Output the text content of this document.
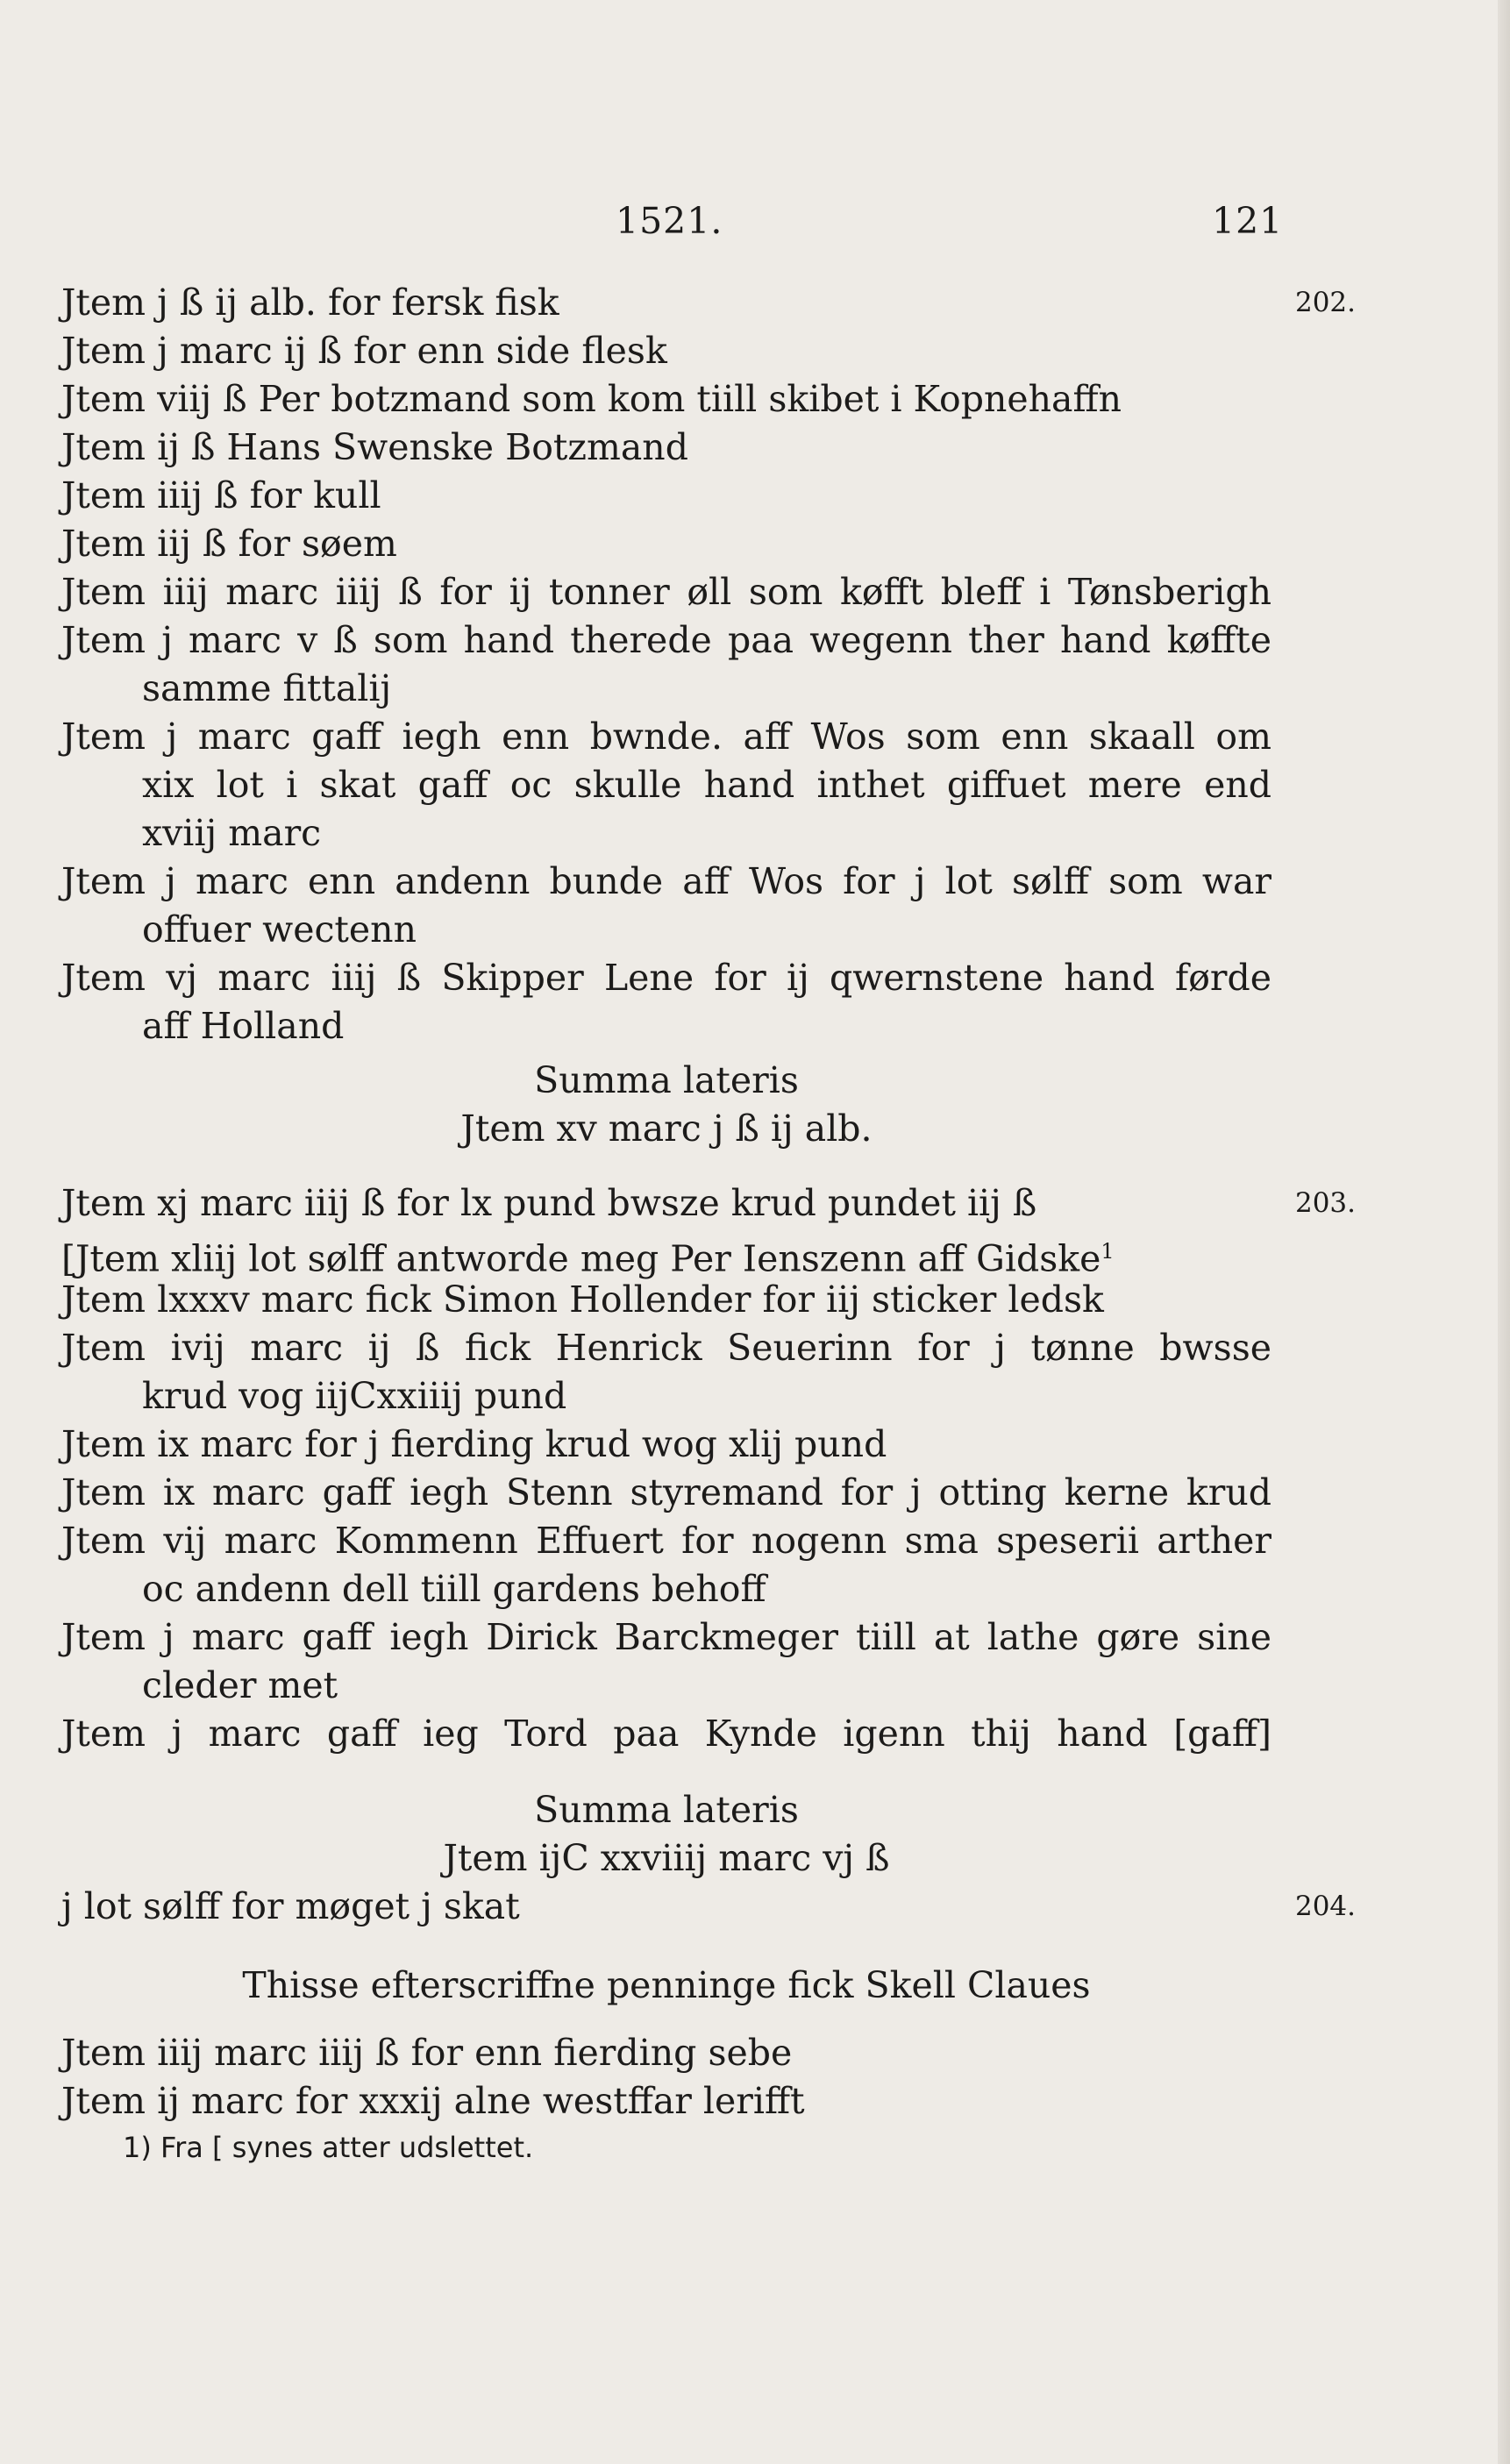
1521.	121
Jtem j ß ij alb. for fersk fisk	202.
Jtem j marc ij ß for enn side flesk
Jtem viij ß Per botzmand som kom tiill skibet i Kopnehaffn
Jtem ij ß Hans Swenske Botzmand
Jtem iiij ß for kull
Jtem iij ß for søem
Jtem iiij marc iiij ß for ij tonner øll som køfft bleff i Tønsberigh
Jtem j marc v ß som hand therede paa wegenn ther hand køffte
samme fittalij
Jtem j marc gaff iegh enn bwnde. aff Wos som enn skaall om
xix lot i skat gaff oc skulle hand inthet giffuet mere end
xviij marc
Jtem j marc enn andenn bunde aff Wos for j lot sølff som war
offuer wectenn
Jtem vj marc iiij ß Skipper Lene for ij qwernstene hand førde
aff Holland
Summa lateris
Jtem xv marc j ß ij alb.
Jtem xj marc iiij ß for lx pund bwsze krud pundet iij ß	203.
[Jtem xliij lot sølff antworde meg Per Ienszenn aff Gidske$^1$
Jtem lxxxv marc fick Simon Hollender for iij sticker ledsk
Jtem ivij marc ij ß fick Henrick Seuerinn for j tønne bwsse
krud vog iijCxxiiij pund
Jtem ix marc for j fierding krud wog xlij pund
Jtem ix marc gaff iegh Stenn styremand for j otting kerne krud
Jtem vij marc Kommenn Effuert for nogenn sma speserii arther
oc andenn dell tiill gardens behoff
Jtem j marc gaff iegh Dirick Barckmeger tiill at lathe gøre sine
cleder met
Jtem j marc gaff ieg Tord paa Kynde igenn thij hand [gaff]
Summa lateris
Jtem ijC xxviiij marc vj ß
j lot sølff for møget j skat	204.
Thisse efterscriffne penninge fick Skell Claues
Jtem iiij marc iiij ß for enn fierding sebe
Jtem ij marc for xxxij alne westffar lerifft
1) Fra [ synes atter udslettet.
